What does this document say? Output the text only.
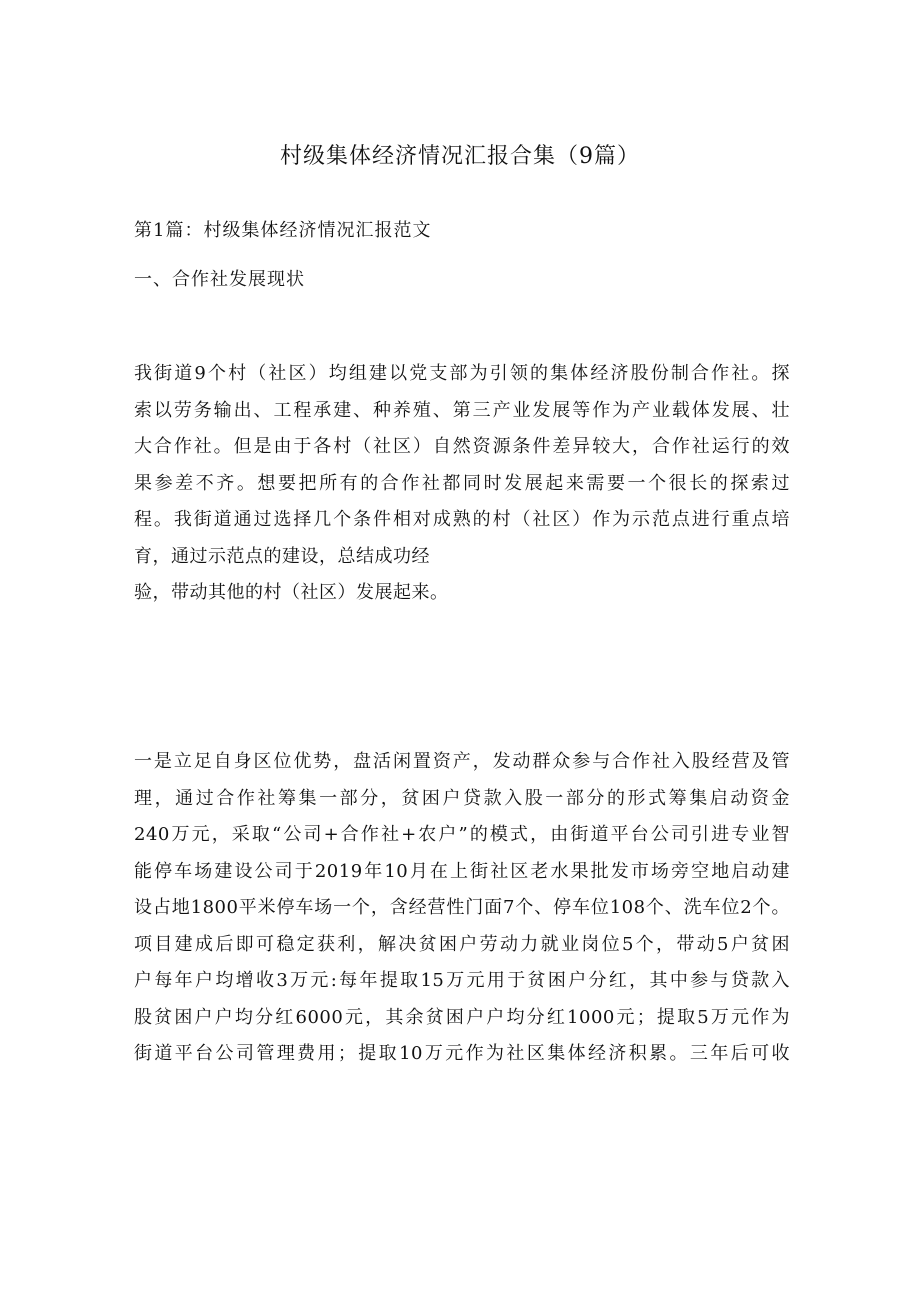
村级集体经济情况汇报合集（9篇）
第1篇：村级集体经济情况汇报范文
一、合作社发展现状
我街道9个村（社区）均组建以党支部为引领的集体经济股份制合作社。探
索以劳务输出、工程承建、种养殖、第三产业发展等作为产业载体发展、壮
大合作社。但是由于各村（社区）自然资源条件差异较大，合作社运行的效
果参差不齐。想要把所有的合作社都同时发展起来需要一个很长的探索过
程。我街道通过选择几个条件相对成熟的村（社区）作为示范点进行重点培
育，通过示范点的建设，总结成功经
验，带动其他的村（社区）发展起来。
一是立足自身区位优势，盘活闲置资产，发动群众参与合作社入股经营及管
理，通过合作社筹集一部分，贫困户贷款入股一部分的形式筹集启动资金
240万元，采取“公司+合作社+农户”的模式，由街道平台公司引进专业智
能停车场建设公司于2019年10月在上街社区老水果批发市场旁空地启动建
设占地1800平米停车场一个，含经营性门面7个、停车位108个、洗车位2个。
项目建成后即可稳定获利，解决贫困户劳动力就业岗位5个，带动5户贫困
户每年户均增收3万元:每年提取15万元用于贫困户分红，其中参与贷款入
股贫困户户均分红6000元，其余贫困户户均分红1000元；提取5万元作为
街道平台公司管理费用；提取10万元作为社区集体经济积累。三年后可收
